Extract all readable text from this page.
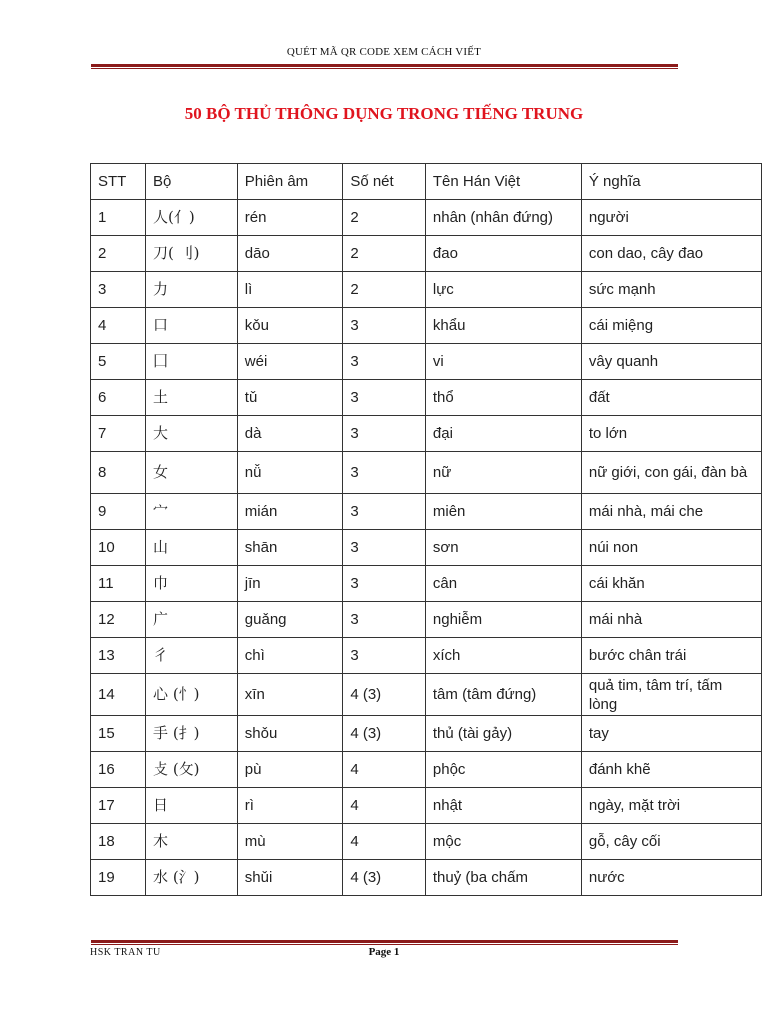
QUÉT MÃ QR CODE XEM CÁCH VIẾT
50 BỘ THỦ THÔNG DỤNG TRONG TIẾNG TRUNG
STT	Bộ	Phiên âm	Số nét	Tên Hán Việt	Ý nghĩa
1	人(亻)	rén	2	nhân (nhân đứng)	người
2	刀( 刂)	dāo	2	đao	con dao, cây đao
3	力	lì	2	lực	sức mạnh
4	口	kǒu	3	khẩu	cái miệng
5	囗	wéi	3	vi	vây quanh
6	土	tǔ	3	thổ	đất
7	大	dà	3	đại	to lớn
8	女	nǚ	3	nữ	nữ giới, con gái, đàn bà
9	宀	mián	3	miên	mái nhà, mái che
10	山	shān	3	sơn	núi non
11	巾	jīn	3	cân	cái khăn
12	广	guǎng	3	nghiễm	mái nhà
13	彳	chì	3	xích	bước chân trái
14	心 (忄)	xīn	4 (3)	tâm (tâm đứng)	quả tim, tâm trí, tấm lòng
15	手 (扌)	shǒu	4 (3)	thủ (tài gảy)	tay
16	攴 (攵)	pù	4	phộc	đánh khẽ
17	日	rì	4	nhật	ngày, mặt trời
18	木	mù	4	mộc	gỗ, cây cối
19	水 (氵)	shǔi	4 (3)	thuỷ (ba chấm	nước
HSK TRAN TU	Page 1
